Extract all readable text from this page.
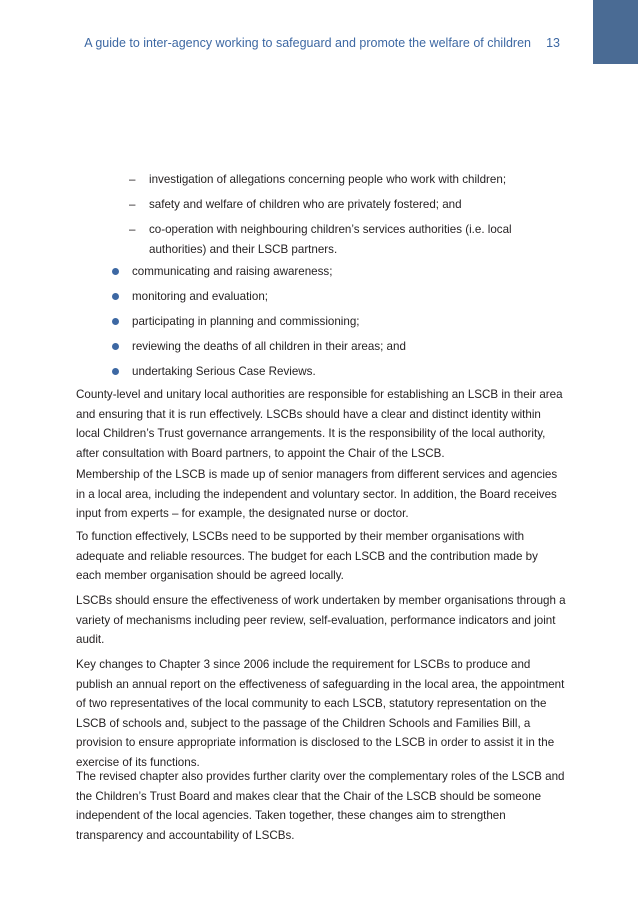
A guide to inter-agency working to safeguard and promote the welfare of children 13
– investigation of allegations concerning people who work with children;
– safety and welfare of children who are privately fostered; and
– co-operation with neighbouring children’s services authorities (i.e. local authorities) and their LSCB partners.
communicating and raising awareness;
monitoring and evaluation;
participating in planning and commissioning;
reviewing the deaths of all children in their areas; and
undertaking Serious Case Reviews.

County-level and unitary local authorities are responsible for establishing an LSCB in their area and ensuring that it is run effectively. LSCBs should have a clear and distinct identity within local Children’s Trust governance arrangements. It is the responsibility of the local authority, after consultation with Board partners, to appoint the Chair of the LSCB.

Membership of the LSCB is made up of senior managers from different services and agencies in a local area, including the independent and voluntary sector. In addition, the Board receives input from experts – for example, the designated nurse or doctor.

To function effectively, LSCBs need to be supported by their member organisations with adequate and reliable resources. The budget for each LSCB and the contribution made by each member organisation should be agreed locally.

LSCBs should ensure the effectiveness of work undertaken by member organisations through a variety of mechanisms including peer review, self-evaluation, performance indicators and joint audit.

Key changes to Chapter 3 since 2006 include the requirement for LSCBs to produce and publish an annual report on the effectiveness of safeguarding in the local area, the appointment of two representatives of the local community to each LSCB, statutory representation on the LSCB of schools and, subject to the passage of the Children Schools and Families Bill, a provision to ensure appropriate information is disclosed to the LSCB in order to assist it in the exercise of its functions.

The revised chapter also provides further clarity over the complementary roles of the LSCB and the Children’s Trust Board and makes clear that the Chair of the LSCB should be someone independent of the local agencies. Taken together, these changes aim to strengthen transparency and accountability of LSCBs.
